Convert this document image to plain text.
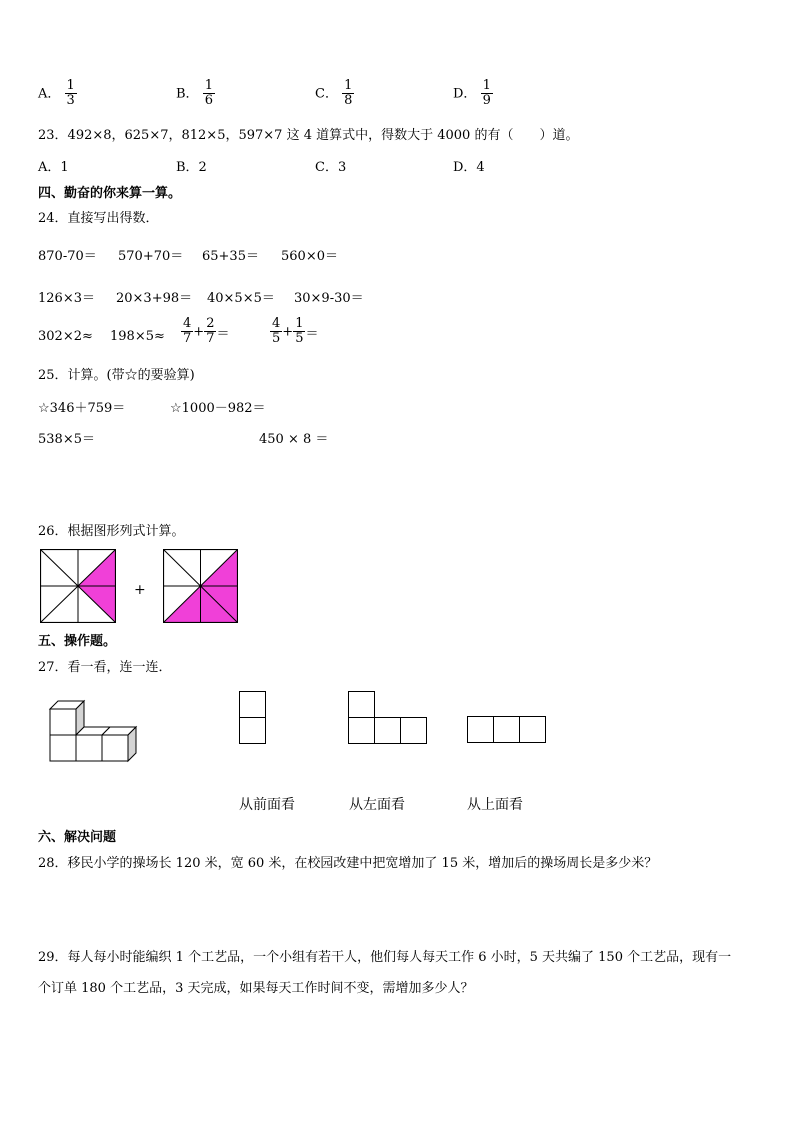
A． $\frac{1}{3}$	B． $\frac{1}{6}$	C． $\frac{1}{8}$	D． $\frac{1}{9}$
23．492×8，625×7，812×5，597×7 这 4 道算式中，得数大于 4000 的有（　　）道。
A．1	B．2	C．3	D．4
四、勤奋的你来算一算。
24．直接写出得数．
870-70＝ 570+70＝ 65+35＝ 560×0＝
126×3＝ 20×3+98＝ 40×5×5＝ 30×9-30＝
$302\times 2\approx 198\times 5\approx \frac{4}{7} + \frac{2}{7}$ ＝	$\frac{4}{5} + \frac{1}{5}$ ＝
25．计算。(带☆的要验算)
☆346＋759＝	☆1000－982＝
538×5＝	450 × 8 ＝
26．根据图形列式计算。
+
五、操作题。
27．看一看，连一连．
从前面看	从左面看	从上面看
六、解决问题
28．移民小学的操场长 120 米，宽 60 米，在校园改建中把宽增加了 15 米，增加后的操场周长是多少米？
29．每人每小时能编织 1 个工艺品，一个小组有若干人，他们每人每天工作 6 小时，5 天共编了 150 个工艺品，现有一
个订单 180 个工艺品，3 天完成，如果每天工作时间不变，需增加多少人？
